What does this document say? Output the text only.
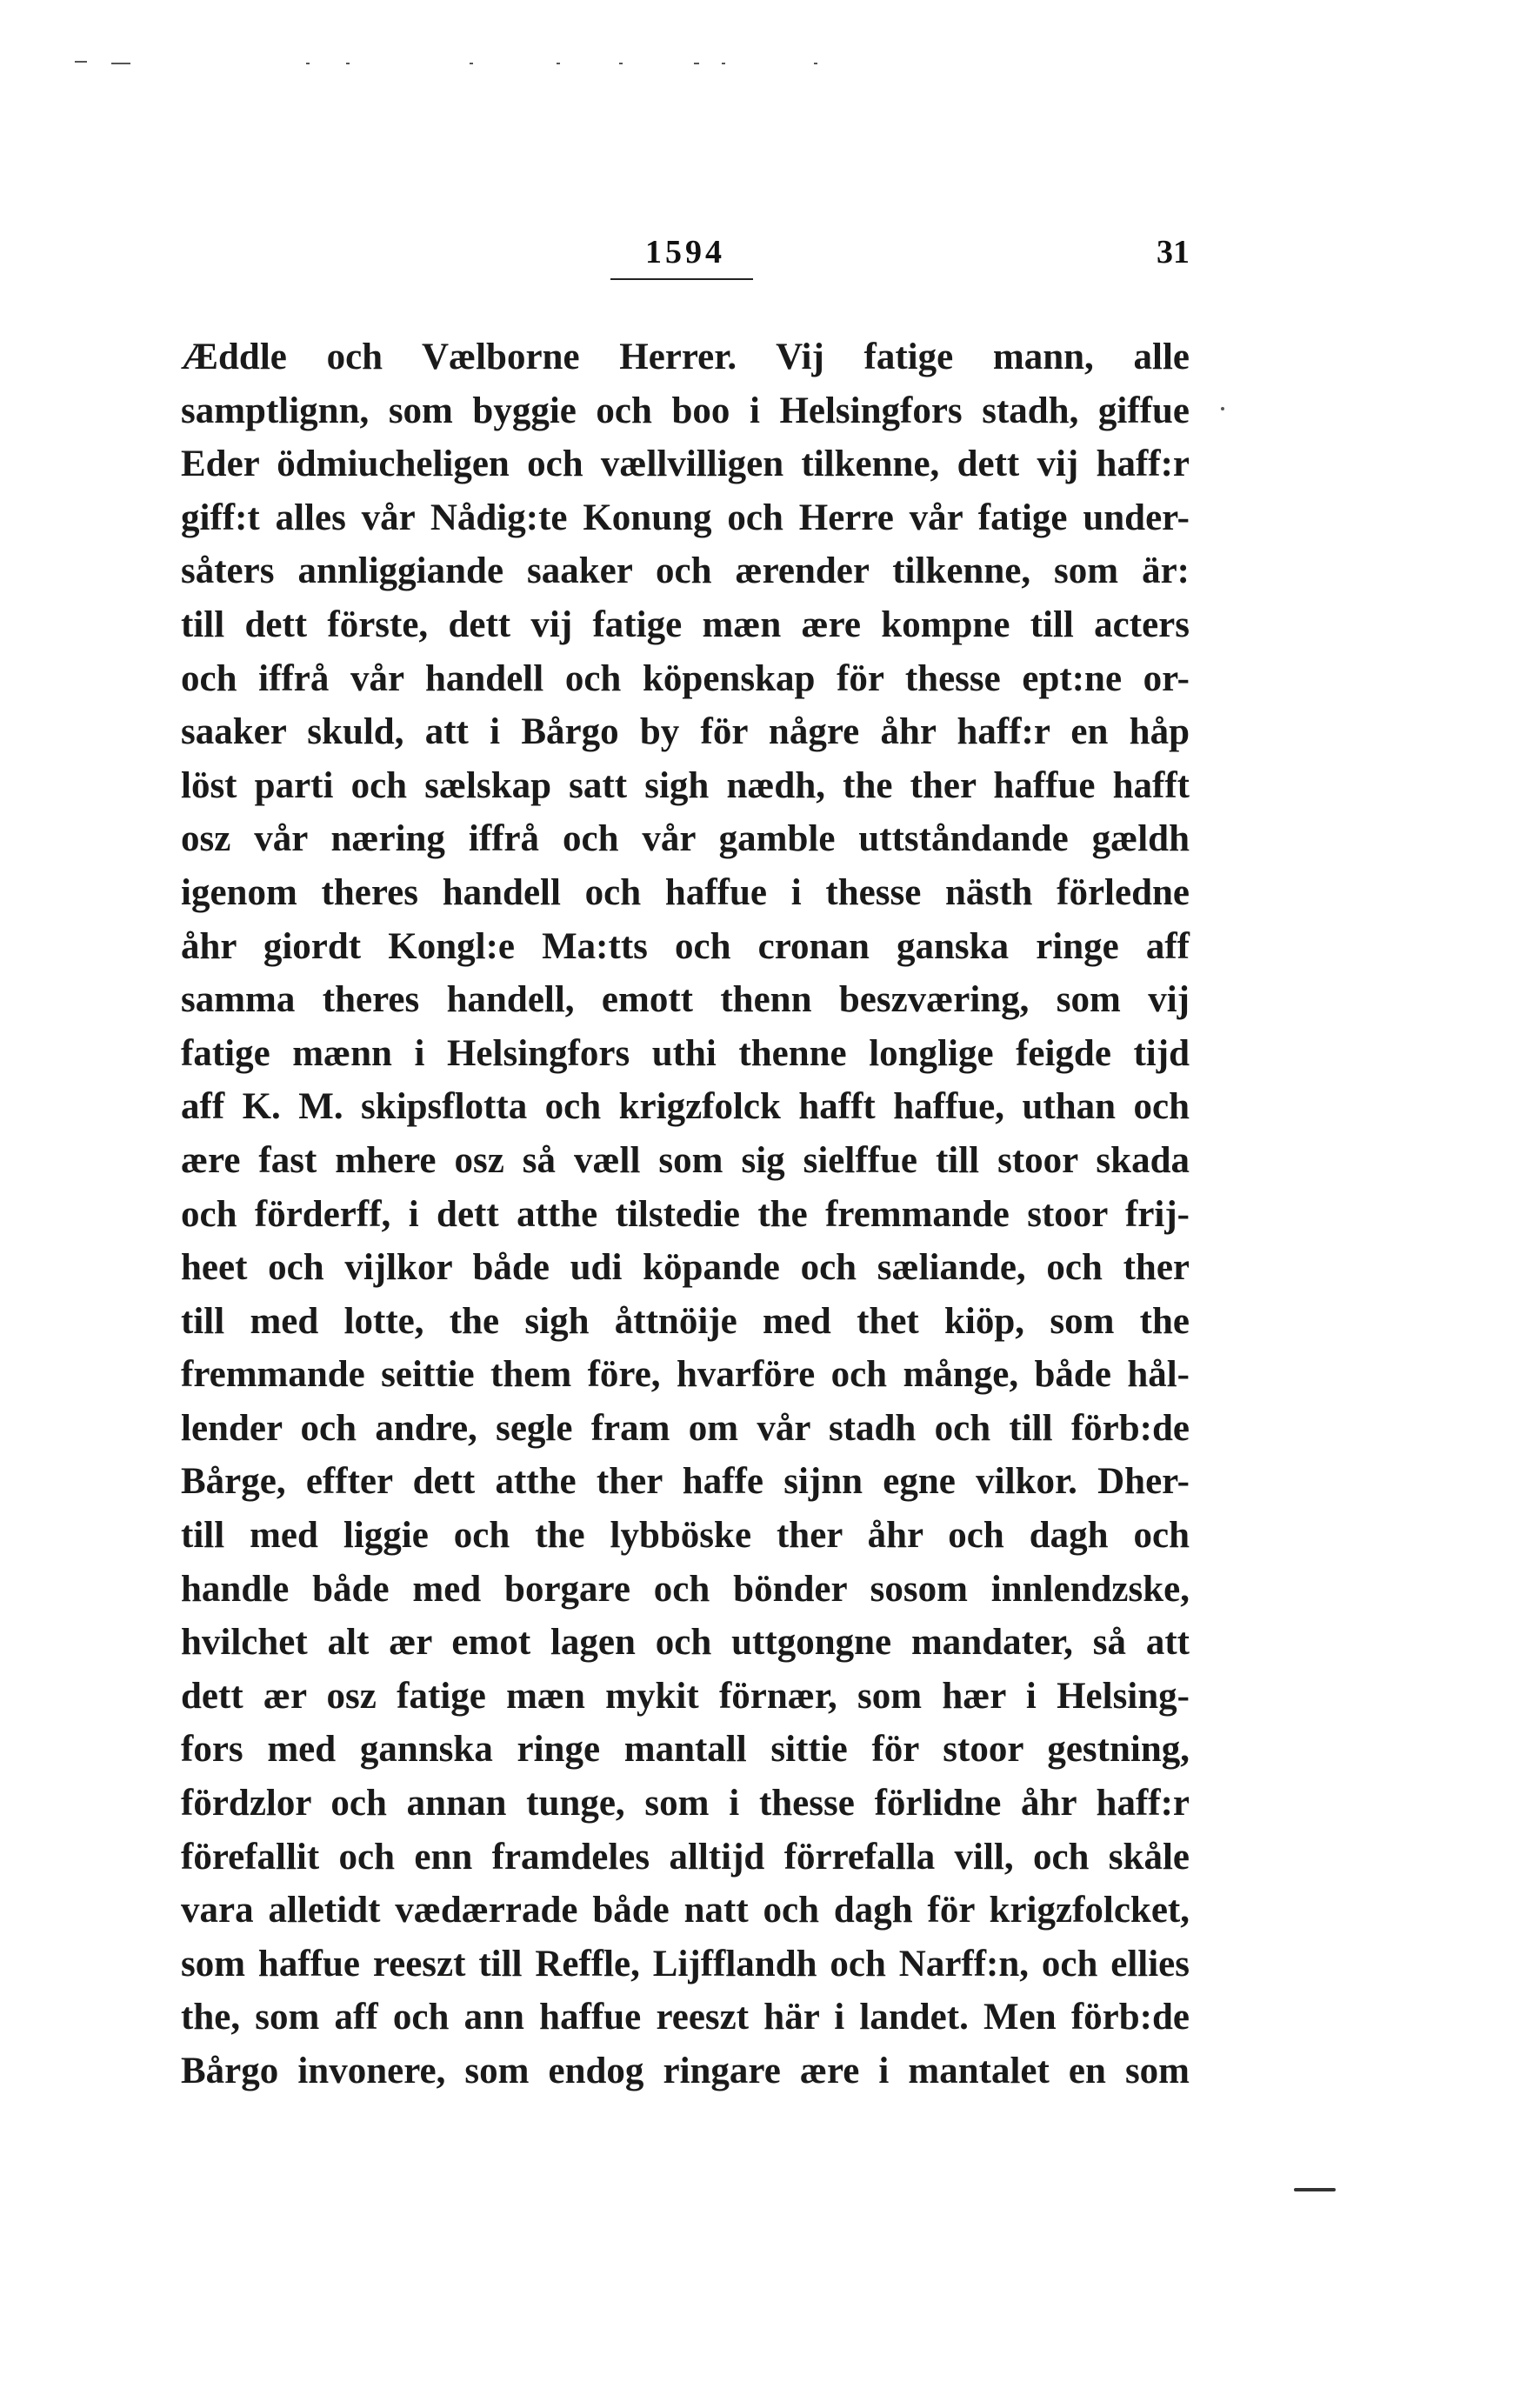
1594	31
Æddle och Vælborne Herrer. Vij fatige mann, alle
samptlignn, som byggie och boo i Helsingfors stadh, giffue
Eder ödmiucheligen och vællvilligen tilkenne, dett vij haff:r
giff:t alles vår Nådig:te Konung och Herre vår fatige under-
såters annliggiande saaker och ærender tilkenne, som är:
till dett förste, dett vij fatige mæn ære kompne till acters
och iffrå vår handell och köpenskap för thesse ept:ne or-
saaker skuld, att i Bårgo by för någre åhr haff:r en håp
löst parti och sælskap satt sigh nædh, the ther haffue hafft
osz vår næring iffrå och vår gamble uttståndande gældh
igenom theres handell och haffue i thesse nästh förledne
åhr giordt Kongl:e Ma:tts och cronan ganska ringe aff
samma theres handell, emott thenn beszværing, som vij
fatige mænn i Helsingfors uthi thenne longlige feigde tijd
aff K. M. skipsflotta och krigzfolck hafft haffue, uthan och
ære fast mhere osz så væll som sig sielffue till stoor skada
och förderff, i dett atthe tilstedie the fremmande stoor frij-
heet och vijlkor både udi köpande och sæliande, och ther
till med lotte, the sigh åttnöije med thet kiöp, som the
fremmande seittie them före, hvarföre och månge, både hål-
lender och andre, segle fram om vår stadh och till förb:de
Bårge, effter dett atthe ther haffe sijnn egne vilkor. Dher-
till med liggie och the lybböske ther åhr och dagh och
handle både med borgare och bönder sosom innlendzske,
hvilchet alt ær emot lagen och uttgongne mandater, så att
dett ær osz fatige mæn mykit förnær, som hær i Helsing-
fors med gannska ringe mantall sittie för stoor gestning,
fördzlor och annan tunge, som i thesse förlidne åhr haff:r
förefallit och enn framdeles alltijd förrefalla vill, och skåle
vara alletidt vædærrade både natt och dagh för krigzfolcket,
som haffue reeszt till Reffle, Lijfflandh och Narff:n, och ellies
the, som aff och ann haffue reeszt här i landet. Men förb:de
Bårgo invonere, som endog ringare ære i mantalet en som
